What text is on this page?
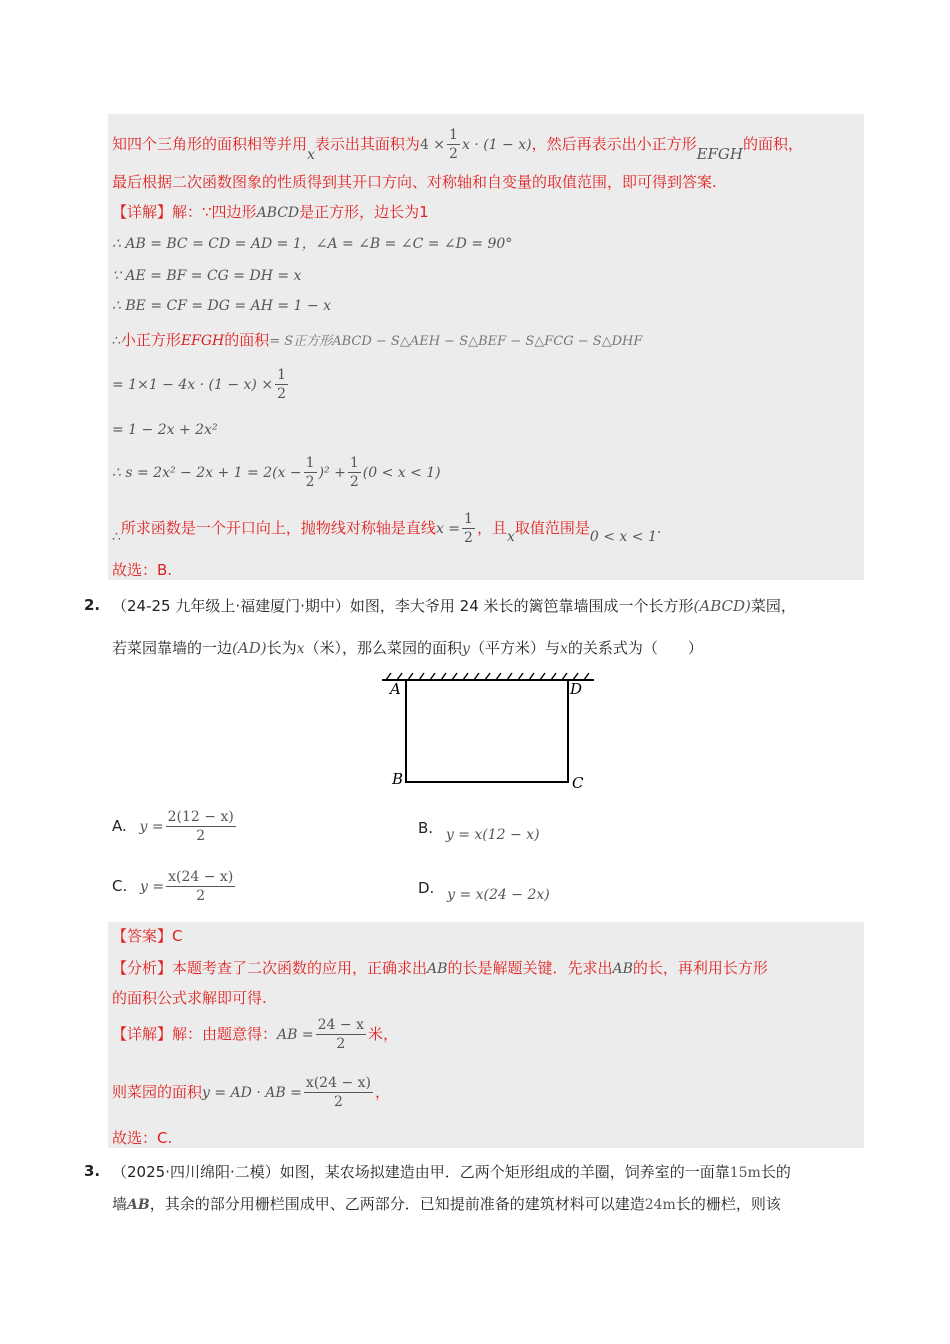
知四个三角形的面积相等并用x表示出其面积为$4 \times \frac{1}{2}$ x · (1 − x)，然后再表示出小正方形EFGH的面积，
最后根据二次函数图象的性质得到其开口方向、对称轴和自变量的取值范围，即可得到答案.
【详解】解：∵四边形ABCD是正方形，边长为1
∴ AB = BC = CD = AD = 1，∠A = ∠B = ∠C = ∠D = 90°
∵ AE = BF = CG = DH = x
∴ BE = CF = DG = AH = 1 − x
∴小正方形EFGH的面积= S正方形ABCD − S△AEH − S△BEF − S△FCG − S△DHF
= $1\times 1 - 4x \cdot (1 - x) \times \frac{1}{2}$
= 1 − 2x + 2x²
∴ $s = 2x^2 - 2x + 1 = 2(x - \frac{1}{2} )^2 + \frac{1}{2} (0 < x < 1)$
∴所求函数是一个开口向上，抛物线对称轴是直线$x = \frac{1}{2}$ ，且x取值范围是0 < x < 1.
故选：B.
2. （24-25 九年级上·福建厦门·期中）如图，李大爷用 24 米长的篱笆靠墙围成一个长方形(ABCD)菜园，
若菜园靠墙的一边(AD)长为x（米），那么菜园的面积y（平方米）与x的关系式为（　　）
A	D
B	C
A. $y = \frac{2(12 - x)}{2}$	B. y = x(12 − x)
C. $y = \frac{x(24 - x)}{2}$	D. y = x(24 − 2x)
【答案】C
【分析】本题考查了二次函数的应用，正确求出AB的长是解题关键．先求出AB的长，再利用长方形
的面积公式求解即可得.
【详解】解：由题意得：AB = $\frac{24 - x}{2}$ 米，
则菜园的面积y = AD · AB = $\frac{x(24 - x)}{2}$ ，
故选：C.
3. （2025·四川绵阳·二模）如图，某农场拟建造由甲．乙两个矩形组成的羊圈，饲养室的一面靠15m长的
墙AB，其余的部分用栅栏围成甲、乙两部分．已知提前准备的建筑材料可以建造24m长的栅栏，则该
